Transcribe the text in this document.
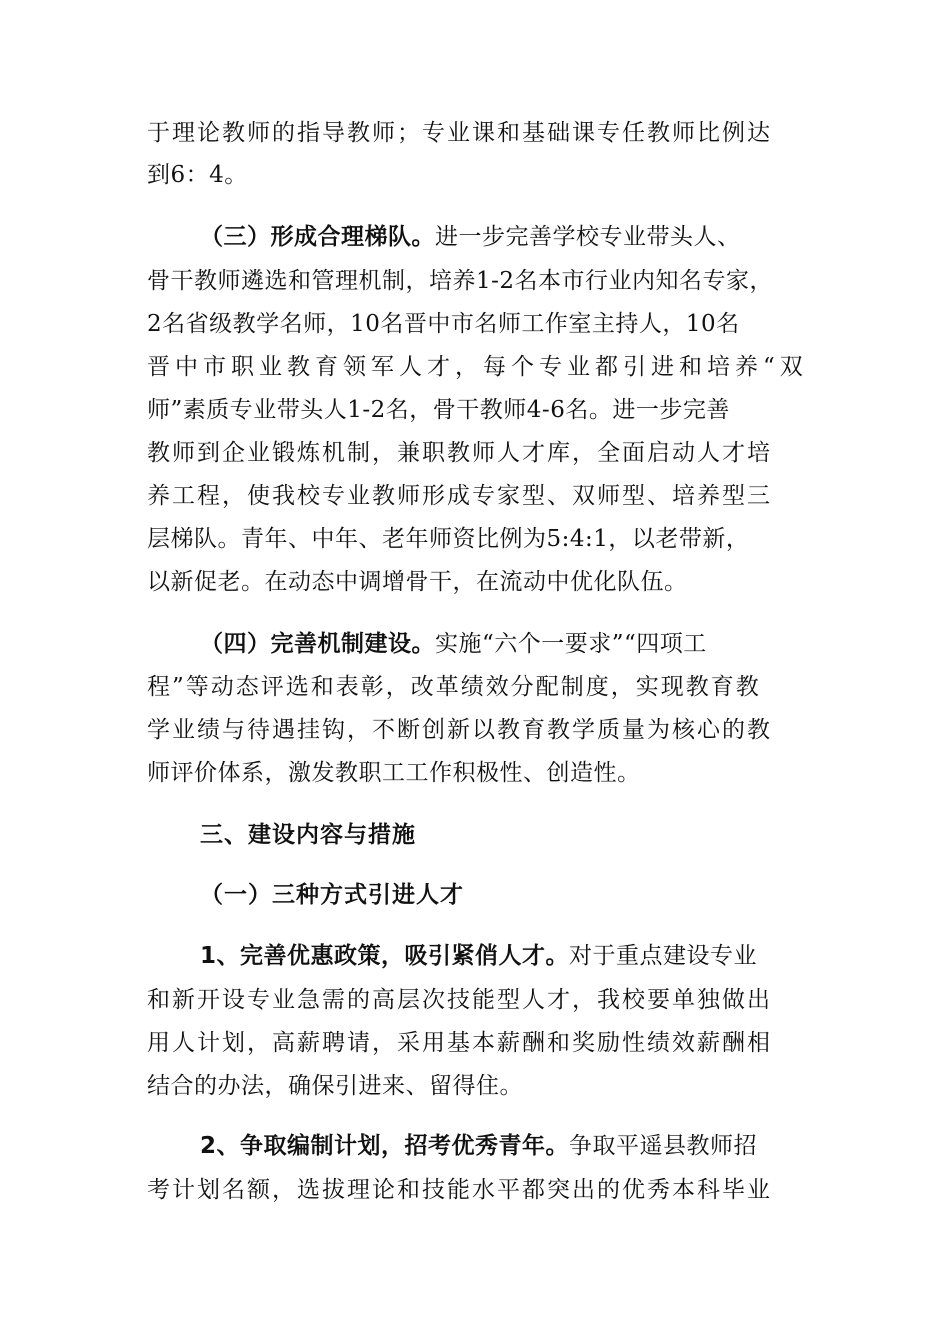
于理论教师的指导教师；专业课和基础课专任教师比例达
到6：4。
（三）形成合理梯队。进一步完善学校专业带头人、
骨干教师遴选和管理机制，培养1-2名本市行业内知名专家，
2名省级教学名师，10名晋中市名师工作室主持人，10名
晋中市职业教育领军人才，每个专业都引进和培养“双
师”素质专业带头人1-2名，骨干教师4-6名。进一步完善
教师到企业锻炼机制，兼职教师人才库，全面启动人才培
养工程，使我校专业教师形成专家型、双师型、培养型三
层梯队。青年、中年、老年师资比例为5:4:1，以老带新，
以新促老。在动态中调增骨干，在流动中优化队伍。
（四）完善机制建设。实施“六个一要求”“四项工
程”等动态评选和表彰，改革绩效分配制度，实现教育教
学业绩与待遇挂钩，不断创新以教育教学质量为核心的教
师评价体系，激发教职工工作积极性、创造性。
三、建设内容与措施
（一）三种方式引进人才
1、完善优惠政策，吸引紧俏人才。对于重点建设专业
和新开设专业急需的高层次技能型人才，我校要单独做出
用人计划，高薪聘请，采用基本薪酬和奖励性绩效薪酬相
结合的办法，确保引进来、留得住。
2、争取编制计划，招考优秀青年。争取平遥县教师招
考计划名额，选拔理论和技能水平都突出的优秀本科毕业
